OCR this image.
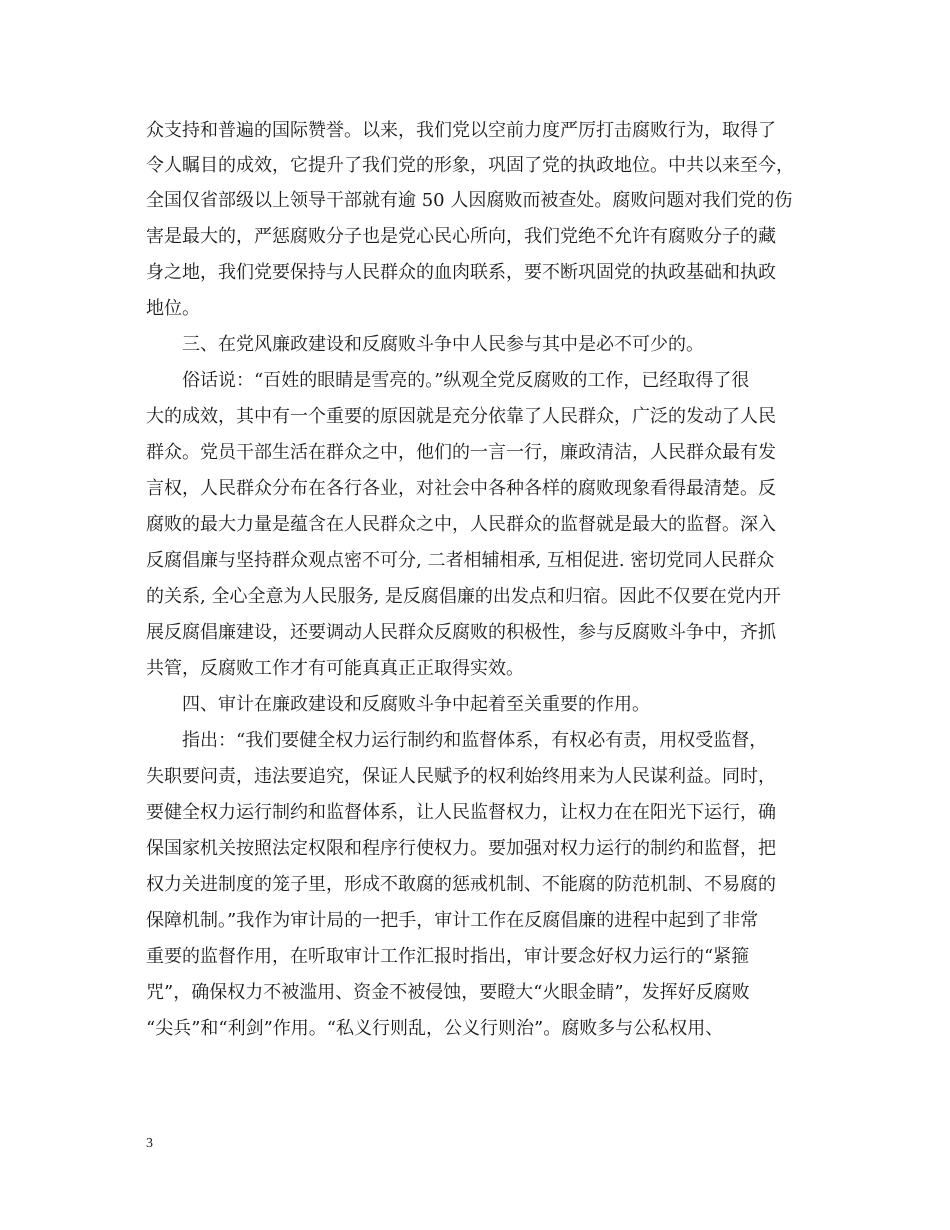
众支持和普遍的国际赞誉。以来，我们党以空前力度严厉打击腐败行为，取得了
令人瞩目的成效，它提升了我们党的形象，巩固了党的执政地位。中共以来至今，
全国仅省部级以上领导干部就有逾 50 人因腐败而被查处。腐败问题对我们党的伤
害是最大的，严惩腐败分子也是党心民心所向，我们党绝不允许有腐败分子的藏
身之地，我们党要保持与人民群众的血肉联系，要不断巩固党的执政基础和执政
地位。
三、在党风廉政建设和反腐败斗争中人民参与其中是必不可少的。
俗话说：“百姓的眼睛是雪亮的。”纵观全党反腐败的工作，已经取得了很
大的成效，其中有一个重要的原因就是充分依靠了人民群众，广泛的发动了人民
群众。党员干部生活在群众之中，他们的一言一行，廉政清洁，人民群众最有发
言权，人民群众分布在各行各业，对社会中各种各样的腐败现象看得最清楚。反
腐败的最大力量是蕴含在人民群众之中，人民群众的监督就是最大的监督。深入
反腐倡廉与坚持群众观点密不可分, 二者相辅相承, 互相促进. 密切党同人民群众
的关系, 全心全意为人民服务, 是反腐倡廉的出发点和归宿。因此不仅要在党内开
展反腐倡廉建设，还要调动人民群众反腐败的积极性，参与反腐败斗争中，齐抓
共管，反腐败工作才有可能真真正正取得实效。
四、审计在廉政建设和反腐败斗争中起着至关重要的作用。
指出：“我们要健全权力运行制约和监督体系，有权必有责，用权受监督，
失职要问责，违法要追究，保证人民赋予的权利始终用来为人民谋利益。同时，
要健全权力运行制约和监督体系，让人民监督权力，让权力在在阳光下运行，确
保国家机关按照法定权限和程序行使权力。要加强对权力运行的制约和监督，把
权力关进制度的笼子里，形成不敢腐的惩戒机制、不能腐的防范机制、不易腐的
保障机制。”我作为审计局的一把手，审计工作在反腐倡廉的进程中起到了非常
重要的监督作用，在听取审计工作汇报时指出，审计要念好权力运行的“紧箍
咒”，确保权力不被滥用、资金不被侵蚀，要瞪大“火眼金睛”，发挥好反腐败
“尖兵”和“利剑”作用。“私义行则乱，公义行则治”。腐败多与公私权用、
3
